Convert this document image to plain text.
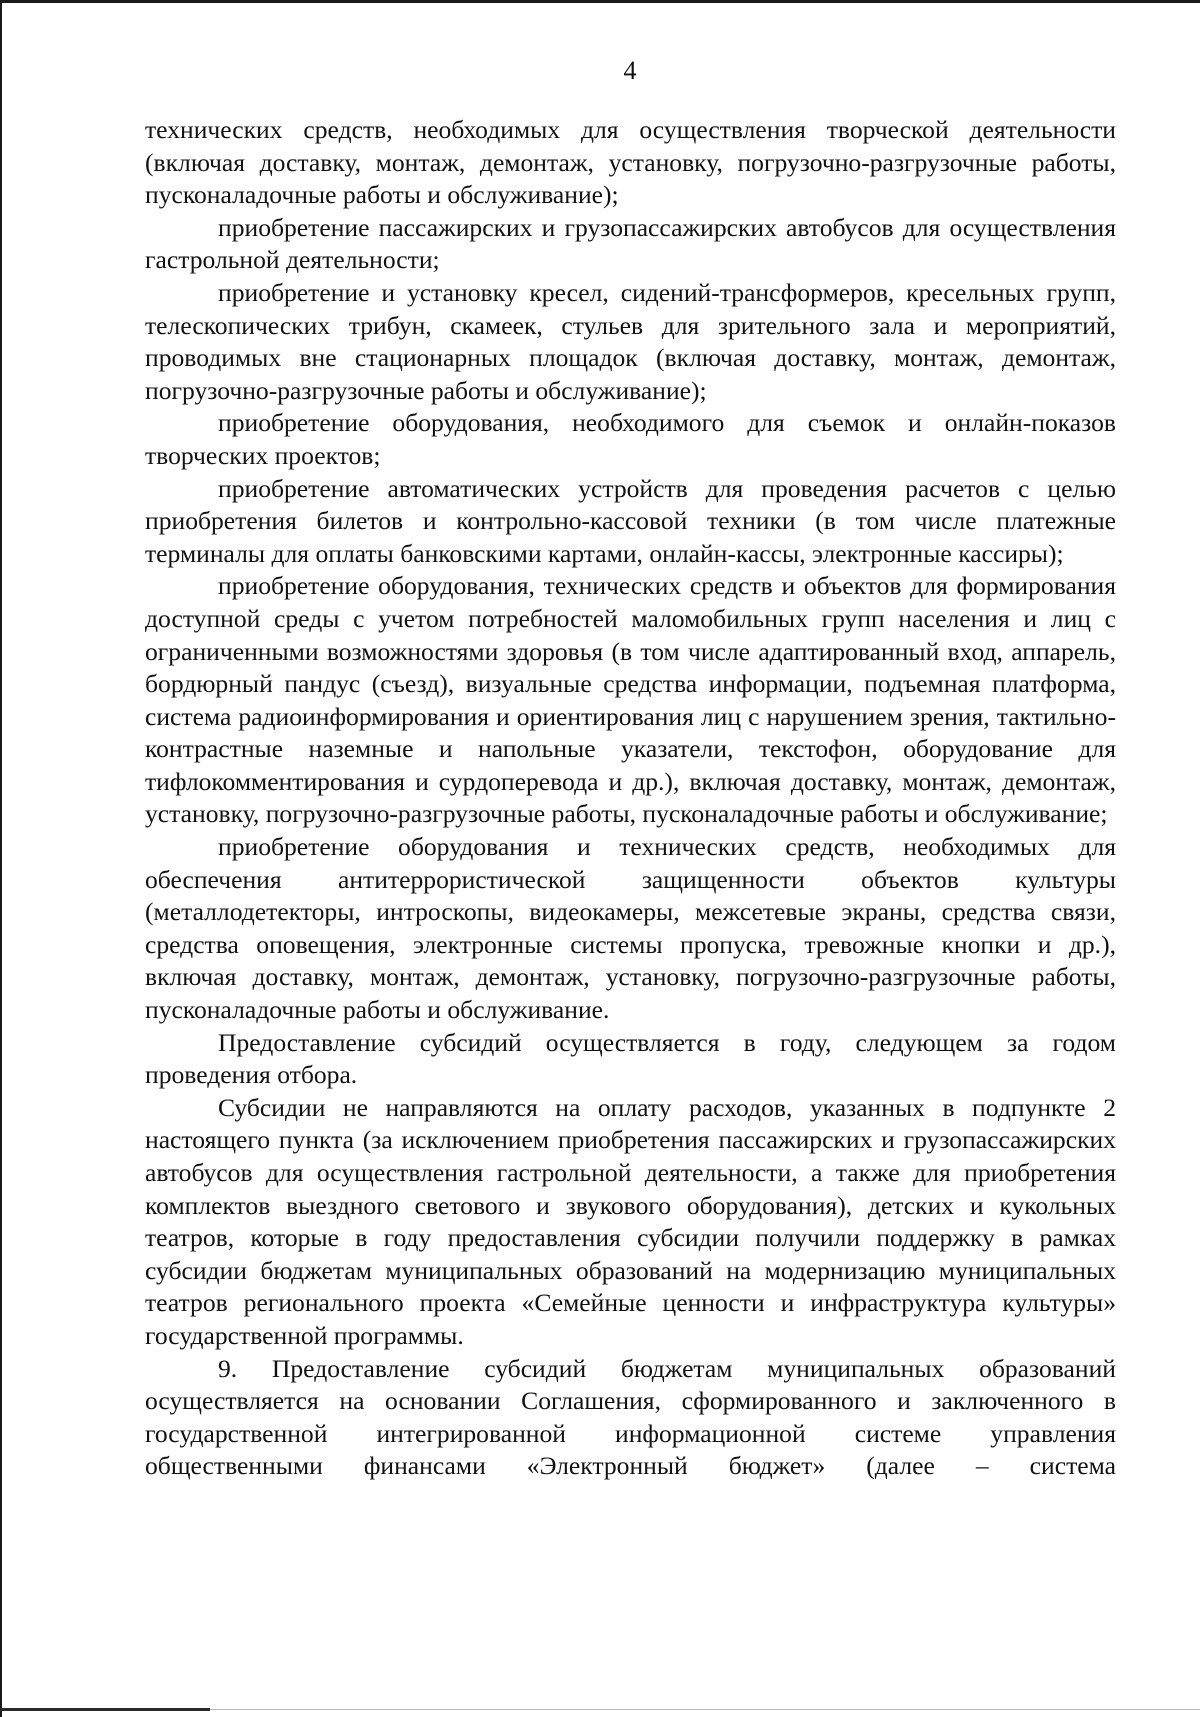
4

технических средств, необходимых для осуществления творческой деятельности (включая доставку, монтаж, демонтаж, установку, погрузочно-разгрузочные работы, пусконаладочные работы и обслуживание);

приобретение пассажирских и грузопассажирских автобусов для осуществления гастрольной деятельности;

приобретение и установку кресел, сидений-трансформеров, кресельных групп, телескопических трибун, скамеек, стульев для зрительного зала и мероприятий, проводимых вне стационарных площадок (включая доставку, монтаж, демонтаж, погрузочно-разгрузочные работы и обслуживание);

приобретение оборудования, необходимого для съемок и онлайн-показов творческих проектов;

приобретение автоматических устройств для проведения расчетов с целью приобретения билетов и контрольно-кассовой техники (в том числе платежные терминалы для оплаты банковскими картами, онлайн-кассы, электронные кассиры);

приобретение оборудования, технических средств и объектов для формирования доступной среды с учетом потребностей маломобильных групп населения и лиц с ограниченными возможностями здоровья (в том числе адаптированный вход, аппарель, бордюрный пандус (съезд), визуальные средства информации, подъемная платформа, система радиоинформирования и ориентирования лиц с нарушением зрения, тактильно-контрастные наземные и напольные указатели, текстофон, оборудование для тифлокомментирования и сурдоперевода и др.), включая доставку, монтаж, демонтаж, установку, погрузочно-разгрузочные работы, пусконаладочные работы и обслуживание;

приобретение оборудования и технических средств, необходимых для обеспечения антитеррористической защищенности объектов культуры (металлодетекторы, интроскопы, видеокамеры, межсетевые экраны, средства связи, средства оповещения, электронные системы пропуска, тревожные кнопки и др.), включая доставку, монтаж, демонтаж, установку, погрузочно-разгрузочные работы, пусконаладочные работы и обслуживание.

Предоставление субсидий осуществляется в году, следующем за годом проведения отбора.

Субсидии не направляются на оплату расходов, указанных в подпункте 2 настоящего пункта (за исключением приобретения пассажирских и грузопассажирских автобусов для осуществления гастрольной деятельности, а также для приобретения комплектов выездного светового и звукового оборудования), детских и кукольных театров, которые в году предоставления субсидии получили поддержку в рамках субсидии бюджетам муниципальных образований на модернизацию муниципальных театров регионального проекта «Семейные ценности и инфраструктура культуры» государственной программы.

9. Предоставление субсидий бюджетам муниципальных образований осуществляется на основании Соглашения, сформированного и заключенного в государственной интегрированной информационной системе управления общественными финансами «Электронный бюджет» (далее – система
